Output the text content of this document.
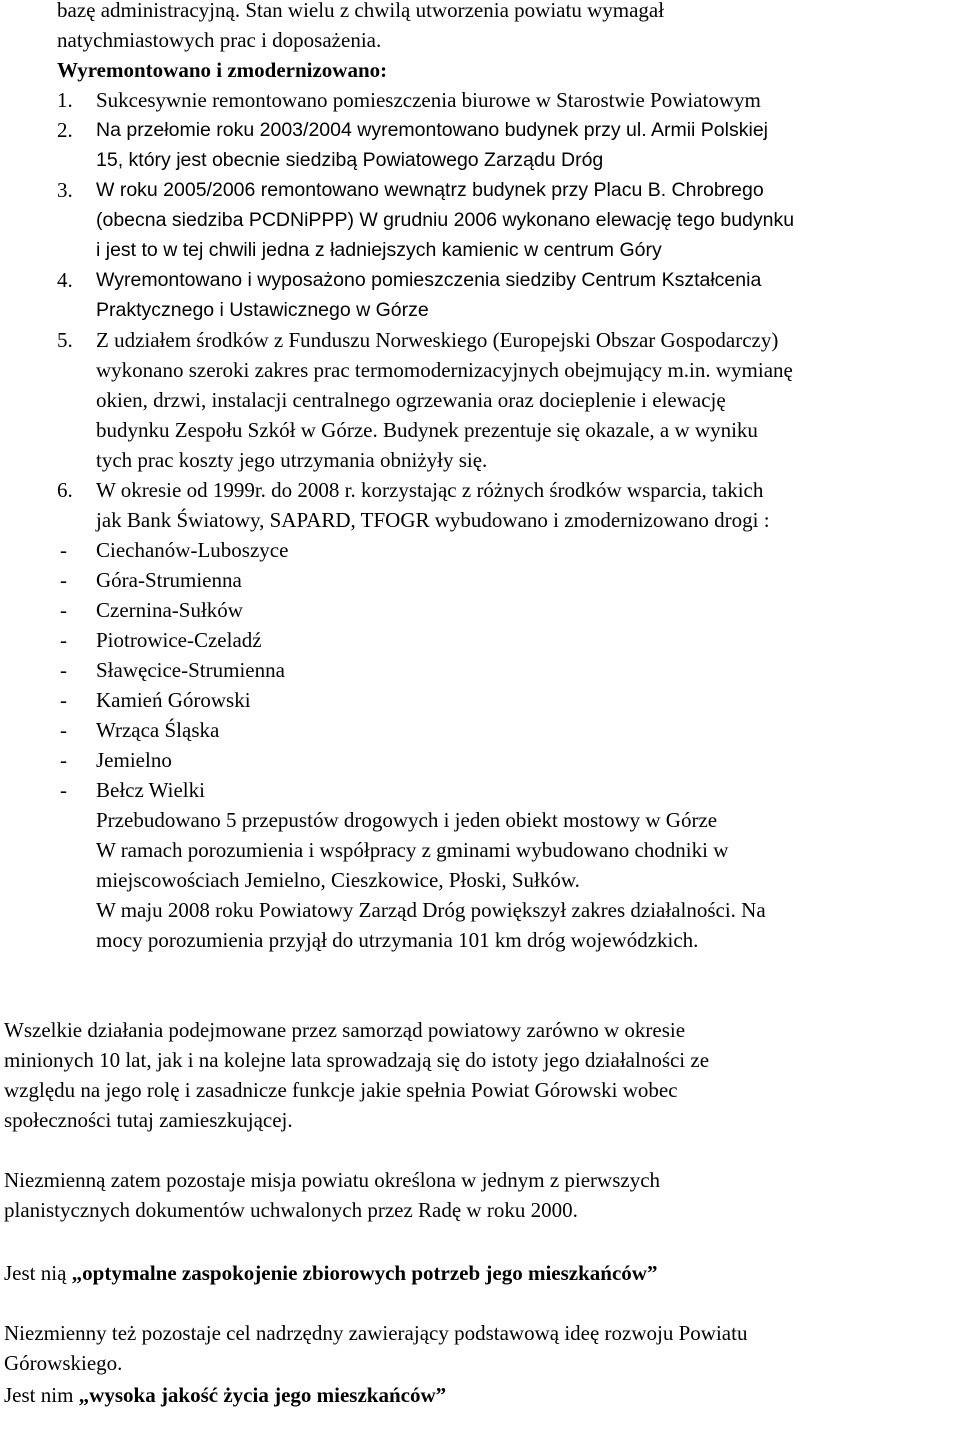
bazę administracyjną. Stan wielu z chwilą utworzenia powiatu wymagał
natychmiastowych prac i doposażenia.
Wyremontowano i zmodernizowano:
1. Sukcesywnie remontowano pomieszczenia biurowe w Starostwie Powiatowym
2. Na przełomie roku 2003/2004 wyremontowano budynek przy ul. Armii Polskiej
15, który jest obecnie siedzibą Powiatowego Zarządu Dróg
3. W roku 2005/2006 remontowano wewnątrz budynek przy Placu B. Chrobrego
(obecna siedziba PCDNiPPP) W grudniu 2006 wykonano elewację tego budynku
i jest to w tej chwili jedna z ładniejszych kamienic w centrum Góry
4. Wyremontowano i wyposażono pomieszczenia siedziby Centrum Kształcenia
Praktycznego i Ustawicznego w Górze
5. Z udziałem środków z Funduszu Norweskiego (Europejski Obszar Gospodarczy)
wykonano szeroki zakres prac termomodernizacyjnych obejmujący m.in. wymianę
okien, drzwi, instalacji centralnego ogrzewania oraz docieplenie i elewację
budynku Zespołu Szkół w Górze. Budynek prezentuje się okazale, a w wyniku
tych prac koszty jego utrzymania obniżyły się.
6. W okresie od 1999r. do 2008 r. korzystając z różnych środków wsparcia, takich
jak Bank Światowy, SAPARD, TFOGR wybudowano i zmodernizowano drogi :
- Ciechanów-Luboszyce
- Góra-Strumienna
- Czernina-Sułków
- Piotrowice-Czeladź
- Sławęcice-Strumienna
- Kamień Górowski
- Wrząca Śląska
- Jemielno
- Bełcz Wielki
Przebudowano 5 przepustów drogowych i jeden obiekt mostowy w Górze
W ramach porozumienia i współpracy z gminami wybudowano chodniki w
miejscowościach Jemielno, Cieszkowice, Płoski, Sułków.
W maju 2008 roku Powiatowy Zarząd Dróg powiększył zakres działalności. Na
mocy porozumienia przyjął do utrzymania 101 km dróg wojewódzkich.
Wszelkie działania podejmowane przez samorząd powiatowy zarówno w okresie
minionych 10 lat, jak i na kolejne lata sprowadzają się do istoty jego działalności ze
względu na jego rolę i zasadnicze funkcje jakie spełnia Powiat Górowski wobec
społeczności tutaj zamieszkującej.
Niezmienną zatem pozostaje misja powiatu określona w jednym z pierwszych
planistycznych dokumentów uchwalonych przez Radę w roku 2000.
Jest nią „optymalne zaspokojenie zbiorowych potrzeb jego mieszkańców”
Niezmienny też pozostaje cel nadrzędny zawierający podstawową ideę rozwoju Powiatu
Górowskiego.
Jest nim „wysoka jakość życia jego mieszkańców”
